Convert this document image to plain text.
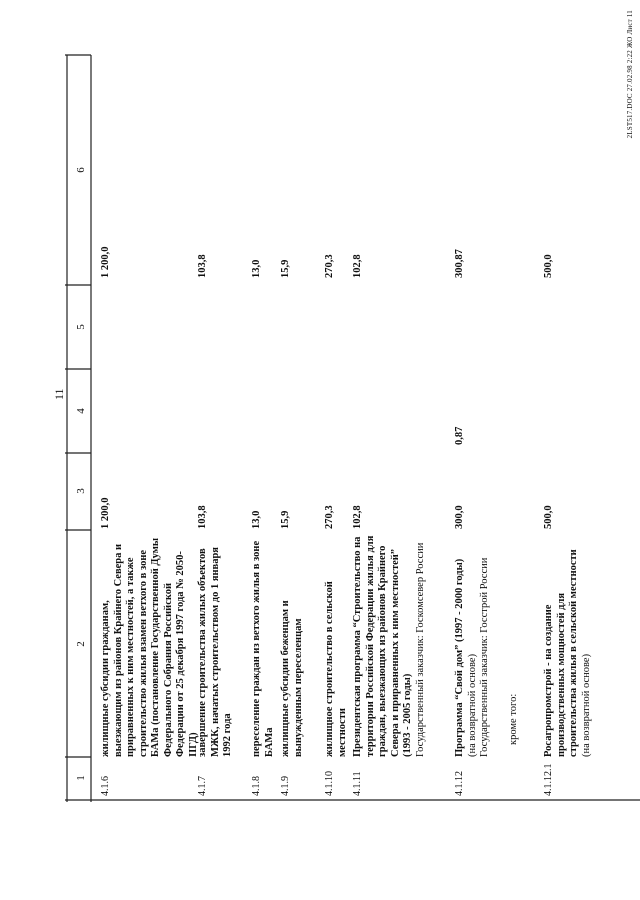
11
1
2
3
4
5
6
4.1.6
жилищные субсидии гражданам, выезжающим из районов Крайнего Севера и приравненных к ним местностей, а также строительство жилья взамен ветхого в зоне БАМа (постановление Государственной Думы Федерального Собрания Российской Федерации от 25 декабря 1997 года № 2050-IIГД)
1 200,0
1 200,0
4.1.7
завершение строительства жилых объектов МЖК, начатых строительством до 1 января 1992 года
103,8
103,8
4.1.8
переселение граждан из ветхого жилья в зоне БАМа
13,0
13,0
4.1.9
жилищные субсидии беженцам и вынужденным переселенцам
15,9
15,9
4.1.10
жилищное строительство в сельской местности
270,3
270,3
4.1.11
Президентская программа “Строительство на территории Российской Федерации жилья для граждан, выезжающих из районов Крайнего Севера и приравненных к ним местностей” (1993 - 2005 годы) Государственный заказчик: Госкомсевер России
102,8
102,8
4.1.12
Программа “Свой дом” (1997 - 2000 годы) (на возвратной основе) Государственный заказчик: Госстрой России кроме того:
300,0
0,87
300,87
4.1.12.1
Росагропромстрой - на создание производственных мощностей для строительства жилья в сельской местности (на возвратной основе)
500,0
500,0
2LST517.DOC 27.02.98 2:22 ЖО Лист 11
